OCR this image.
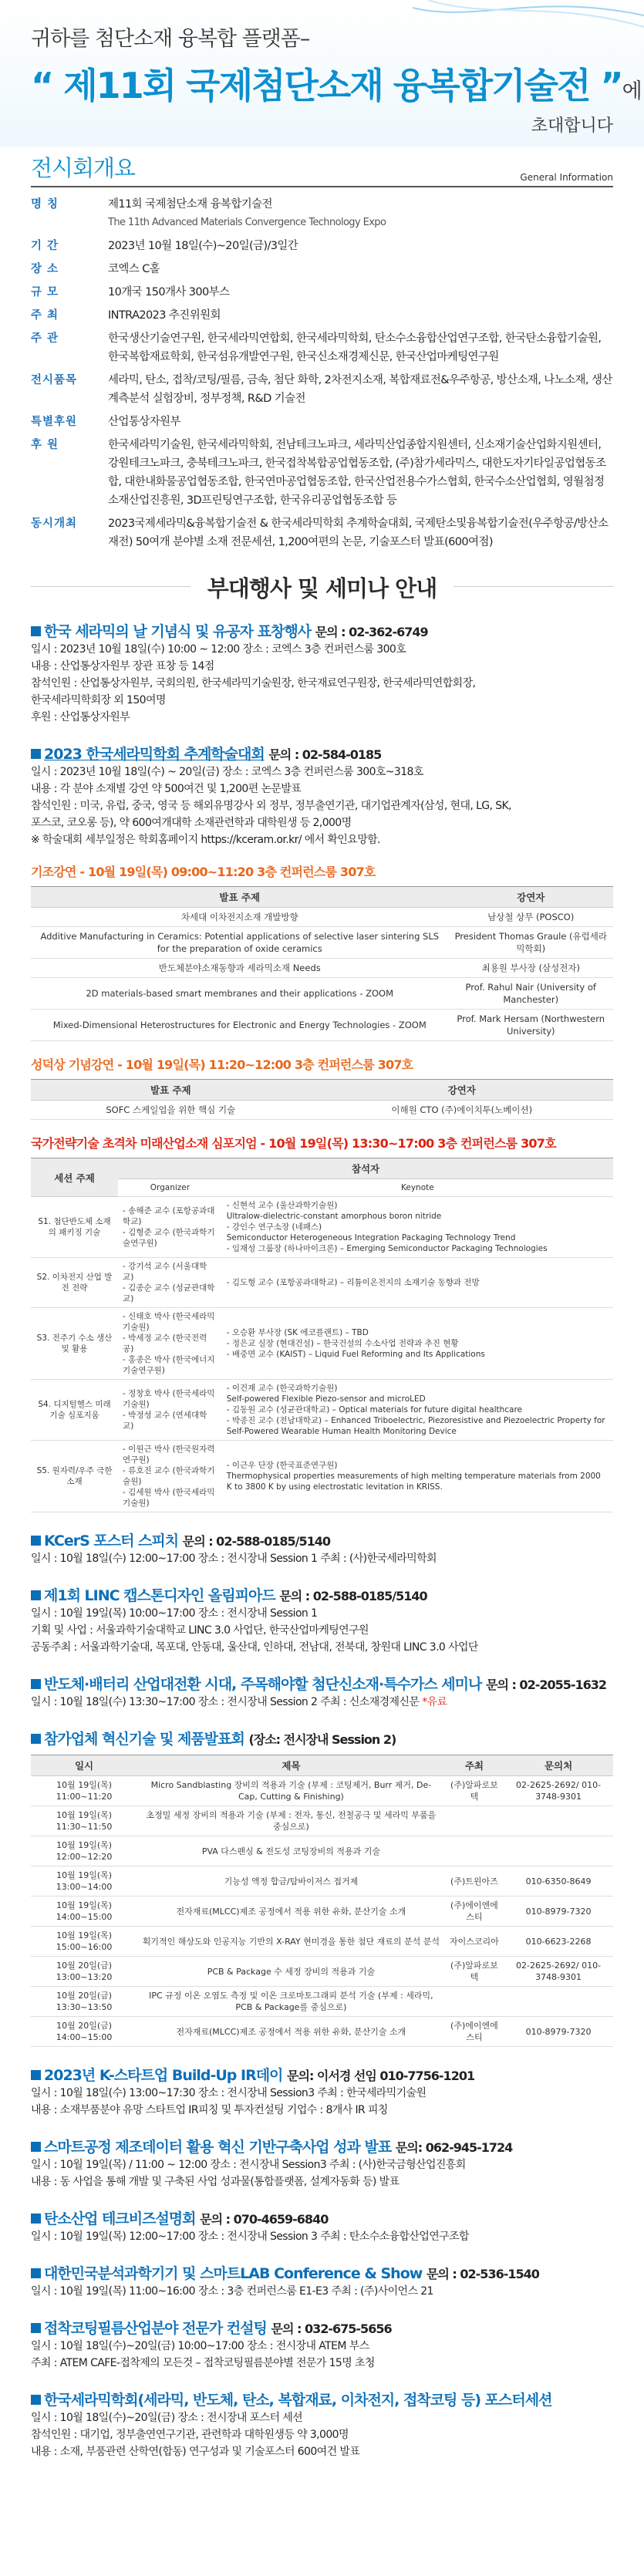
귀하를 첨단소재 융복합 플랫폼–
“ 제11회 국제첨단소재 융복합기술전 ”에
초대합니다
전시회개요	General Information
명 칭	제11회 국제첨단소재 융복합기술전
The 11th Advanced Materials Convergence Technology Expo
기 간	2023년 10월 18일(수)~20일(금)/3일간
장 소	코엑스 C홀
규 모	10개국 150개사 300부스
주 최	INTRA2023 추진위원회
주 관	한국생산기술연구원, 한국세라믹연합회, 한국세라믹학회, 탄소수소융합산업연구조합, 한국탄소융합기술원, 한국복합재료학회, 한국섬유개발연구원, 한국신소재경제신문, 한국산업마케팅연구원
전시품목	세라믹, 탄소, 접착/코팅/필름, 금속, 첨단 화학, 2차전지소재, 복합재료전&우주항공, 방산소재, 나노소재, 생산 계측분석 실험장비, 정부정책, R&D 기술전
특별후원	산업통상자원부
후 원	한국세라믹기술원, 한국세라믹학회, 전남테크노파크, 세라믹산업종합지원센터, 신소재기술산업화지원센터, 강원테크노파크, 충북테크노파크, 한국접착복합공업협동조합, (주)참가세라믹스, 대한도자기타일공업협동조합, 대한내화물공업협동조합, 한국연마공업협동조합, 한국산업전용수가스협회, 한국수소산업협회, 영월첨정소재산업진흥원, 3D프린팅연구조합, 한국유리공업협동조합 등
동시개최	2023국제세라믹&융복합기술전 & 한국세라믹학회 추계학술대회, 국제탄소및융복합기술전(우주항공/방산소재전) 50여개 분야별 소재 전문세션, 1,200여편의 논문, 기술포스터 발표(600여점)
부대행사 및 세미나 안내
한국 세라믹의 날 기념식 및 유공자 표창행사 문의 : 02-362-6749
일시 : 2023년 10월 18일(수) 10:00 ~ 12:00 장소 : 코엑스 3층 컨퍼런스룸 300호
내용 : 산업통상자원부 장관 표창 등 14점
참석인원 : 산업통상자원부, 국회의원, 한국세라믹기술원장, 한국재료연구원장, 한국세라믹연합회장,
한국세라믹학회장 외 150여명
후원 : 산업통상자원부
2023 한국세라믹학회 추계학술대회 문의 : 02-584-0185
일시 : 2023년 10월 18일(수) ~ 20일(금) 장소 : 코엑스 3층 컨퍼런스룸 300호~318호
내용 : 각 분야 소재별 강연 약 500여건 및 1,200편 논문발표
참석인원 : 미국, 유럽, 중국, 영국 등 해외유명강사 외 정부, 정부출연기관, 대기업관계자(삼성, 현대, LG, SK,
포스코, 코오롱 등), 약 600여개대학 소재관련학과 대학원생 등 2,000명
※ 학술대회 세부일정은 학회홈페이지 https://kceram.or.kr/ 에서 확인요망함.
기조강연 - 10월 19일(목) 09:00~11:20 3층 컨퍼런스룸 307호
발표 주제	강연자
차세대 이차전지소재 개발방향	남상철 상무 (POSCO)
Additive Manufacturing in Ceramics: Potential applications of selective laser sintering SLS for the preparation of oxide ceramics	President Thomas Graule (유럽세라믹학회)
반도체분야소재동향과 세라믹소재 Needs	최용원 부사장 (삼성전자)
2D materials-based smart membranes and their applications - ZOOM	Prof. Rahul Nair (University of Manchester)
Mixed-Dimensional Heterostructures for Electronic and Energy Technologies - ZOOM	Prof. Mark Hersam (Northwestern University)
성덕상 기념강연 - 10월 19일(목) 11:20~12:00 3층 컨퍼런스룸 307호
발표 주제	강연자
SOFC 스케일업을 위한 핵심 기술	이해원 CTO (주)에이치투(노베이션)
국가전략기술 초격차 미래산업소재 심포지엄 - 10월 19일(목) 13:30~17:00 3층 컨퍼런스룸 307호
세션 주제	참석자	
	Organizer	Keynote
S1. 첨단반도체 소재의 패키징 기술	- 송해준 교수 (포항공과대학교)
- 김형준 교수 (한국과학기술연구원)	- 신현석 교수 (울산과학기술원)
Ultralow-dielectric-constant amorphous boron nitride
- 강인수 연구소장 (네패스)
Semiconductor Heterogeneous Integration Packaging Technology Trend
- 임재성 그룹장 (하나마이크론) – Emerging Semiconductor Packaging Technologies
S2. 이차전지 산업 발전 전략	- 강기석 교수 (서울대학교)
- 김종순 교수 (성균관대학교)	- 김도형 교수 (포항공과대학교) – 리튬이온전지의 소재기술 동향과 전망
S3. 전주기 수소 생산 및 활용	- 신태호 박사 (한국세라믹기술원)
- 박세정 교수 (한국전력공)
- 홍종은 박사 (한국에너지기술연구원)	- 오승환 부사장 (SK 에코플랜트) – TBD
- 정은교 실장 (현대건설) – 한국건설의 수소사업 전략과 추진 현황
- 배중면 교수 (KAIST) – Liquid Fuel Reforming and Its Applications
S4. 디지털헬스 미래기술 심포지움	- 정창호 박사 (한국세라믹기술원)
- 박정성 교수 (연세대학교)	- 이건재 교수 (한국과학기술원)
Self-powered Flexible Piezo-sensor and microLED
- 김동원 교수 (성균관대학교) – Optical materials for future digital healthcare
- 박종진 교수 (전남대학교) – Enhanced Triboelectric, Piezoresistive and Piezoelectric Property for Self-Powered Wearable Human Health Monitoring Device
S5. 원자력/우주 극한소재	- 이원근 박사 (한국원자력연구원)
- 류호진 교수 (한국과학기술원)
- 김세원 박사 (한국세라믹기술원)	- 이근우 단장 (한국표준연구원)
Thermophysical properties measurements of high melting temperature materials from 2000 K to 3800 K by using electrostatic levitation in KRISS.
KCerS 포스터 스피치 문의 : 02-588-0185/5140
일시 : 10월 18일(수) 12:00~17:00 장소 : 전시장내 Session 1 주최 : (사)한국세라믹학회
제1회 LINC 캡스톤디자인 올림피아드 문의 : 02-588-0185/5140
일시 : 10월 19일(목) 10:00~17:00 장소 : 전시장내 Session 1
기획 및 사업 : 서울과학기술대학교 LINC 3.0 사업단, 한국산업마케팅연구원
공동주최 : 서울과학기술대, 목포대, 안동대, 울산대, 인하대, 전남대, 전북대, 창원대 LINC 3.0 사업단
반도체·배터리 산업대전환 시대, 주목해야할 첨단신소재·특수가스 세미나 문의 : 02-2055-1632
일시 : 10월 18일(수) 13:30~17:00 장소 : 전시장내 Session 2 주최 : 신소재경제신문 *유료
참가업체 혁신기술 및 제품발표회 (장소: 전시장내 Session 2)
일시	제목	주최	문의처
10월 19일(목) 11:00~11:20	Micro Sandblasting 장비의 적용과 기술 (부제 : 코팅제거, Burr 제거, De-Cap, Cutting & Finishing)	(주)알파로보텍	02-2625-2692/ 010-3748-9301
10월 19일(목) 11:30~11:50	초정밀 세정 장비의 적용과 기술 (부제 : 전자, 통신, 전철공극 및 세라믹 부품을 중심으로)		
10월 19일(목) 12:00~12:20	PVA 다스펜싱 & 전도성 코팅장비의 적용과 기술		
10월 19일(목) 13:00~14:00	기능성 액정 합금/탐바이저스 접거제	(주)트윈아즈	010-6350-8649
10월 19일(목) 14:00~15:00	전자재료(MLCC)제조 공정에서 적용 위한 유화, 분산기술 소개	(주)에이엔에스티	010-8979-7320
10월 19일(목) 15:00~16:00	획기적인 해상도와 인공지능 기반의 X-RAY 현미경을 통한 첨단 재료의 분석 분석	자이스코리아	010-6623-2268
10월 20일(금) 13:00~13:20	PCB & Package 수 세정 장비의 적용과 기술	(주)알파로보텍	02-2625-2692/ 010-3748-9301
10월 20일(금) 13:30~13:50	IPC 규정 이온 오염도 측정 및 이온 크로마토그래피 분석 기술 (부제 : 세라믹, PCB & Package를 중심으로)		
10월 20일(금) 14:00~15:00	전자재료(MLCC)제조 공정에서 적용 위한 유화, 분산기술 소개	(주)에이엔에스티	010-8979-7320
2023년 K-스타트업 Build-Up IR데이 문의: 이서경 선임 010-7756-1201
일시 : 10월 18일(수) 13:00~17:30 장소 : 전시장내 Session3 주최 : 한국세라믹기술원
내용 : 소재부품분야 유망 스타트업 IR피칭 및 투자컨설팅 기업수 : 8개사 IR 피칭
스마트공정 제조데이터 활용 혁신 기반구축사업 성과 발표 문의: 062-945-1724
일시 : 10월 19일(목) / 11:00 ~ 12:00 장소 : 전시장내 Session3 주최 : (사)한국금형산업진흥회
내용 : 동 사업을 통해 개발 및 구축된 사업 성과물(통합플랫폼, 설계자동화 등) 발표
탄소산업 테크비즈설명회 문의 : 070-4659-6840
일시 : 10월 19일(목) 12:00~17:00 장소 : 전시장내 Session 3 주최 : 탄소수소융합산업연구조합
대한민국분석과학기기 및 스마트LAB Conference & Show 문의 : 02-536-1540
일시 : 10월 19일(목) 11:00~16:00 장소 : 3층 컨퍼런스룸 E1-E3 주최 : (주)사이언스 21
접착코팅필름산업분야 전문가 컨설팅 문의 : 032-675-5656
일시 : 10월 18일(수)~20일(금) 10:00~17:00 장소 : 전시장내 ATEM 부스
주최 : ATEM CAFE-접착제의 모든것 – 접착코팅필름분야별 전문가 15명 초청
한국세라믹학회(세라믹, 반도체, 탄소, 복합재료, 이차전지, 접착코팅 등) 포스터세션
일시 : 10월 18일(수)~20일(금) 장소 : 전시장내 포스터 세션
참석인원 : 대기업, 정부출연연구기관, 관련학과 대학원생등 약 3,000명
내용 : 소재, 부품관련 산학연(합동) 연구성과 및 기술포스터 600여건 발표
